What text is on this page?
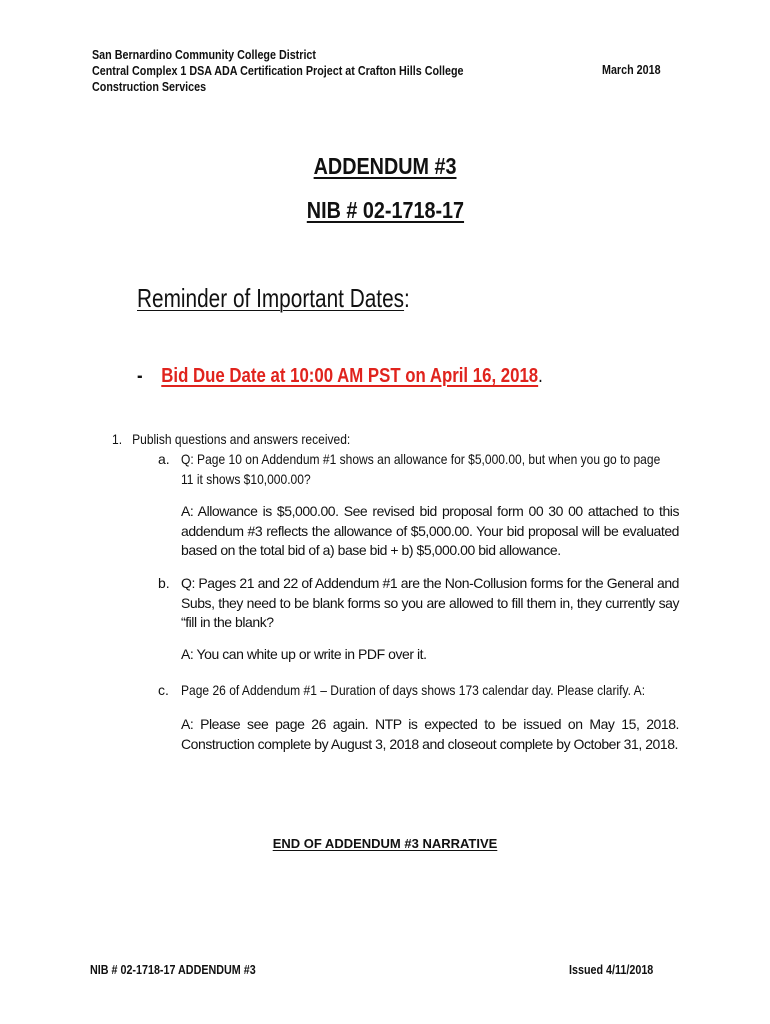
San Bernardino Community College District
Central Complex 1 DSA ADA Certification Project at Crafton Hills College
Construction Services
March 2018
ADDENDUM #3
NIB # 02-1718-17
Reminder of Important Dates:
- Bid Due Date at 10:00 AM PST on April 16, 2018.
1. Publish questions and answers received:
a. Q: Page 10 on Addendum #1 shows an allowance for $5,000.00, but when you go to page
11 it shows $10,000.00?
A: Allowance is $5,000.00. See revised bid proposal form 00 30 00 attached to this addendum #3 reflects the allowance of $5,000.00. Your bid proposal will be evaluated based on the total bid of a) base bid + b) $5,000.00 bid allowance.
b. Q: Pages 21 and 22 of Addendum #1 are the Non-Collusion forms for the General and Subs, they need to be blank forms so you are allowed to fill them in, they currently say “fill in the blank?
A: You can white up or write in PDF over it.
c. Page 26 of Addendum #1 – Duration of days shows 173 calendar day. Please clarify. A:
A: Please see page 26 again. NTP is expected to be issued on May 15, 2018. Construction complete by August 3, 2018 and closeout complete by October 31, 2018.
END OF ADDENDUM #3 NARRATIVE
NIB # 02-1718-17 ADDENDUM #3	Issued 4/11/2018
